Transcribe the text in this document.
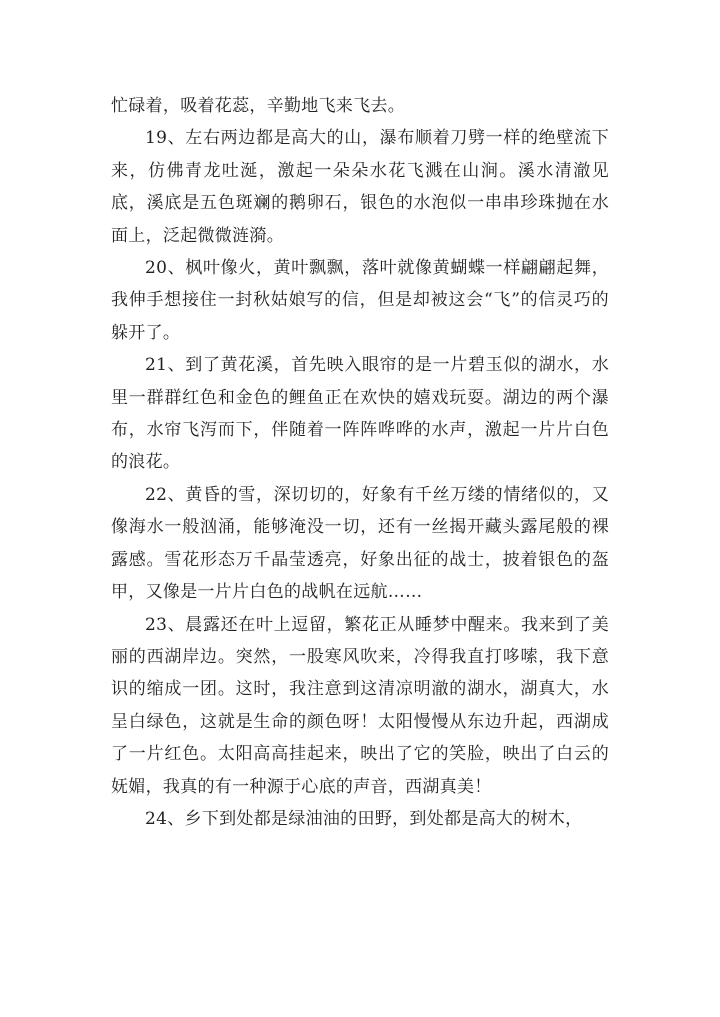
忙碌着，吸着花蕊，辛勤地飞来飞去。

19、左右两边都是高大的山，瀑布顺着刀劈一样的绝壁流下来，仿佛青龙吐涎，激起一朵朵水花飞溅在山涧。溪水清澈见底，溪底是五色斑斓的鹅卵石，银色的水泡似一串串珍珠抛在水面上，泛起微微涟漪。

20、枫叶像火，黄叶飘飘，落叶就像黄蝴蝶一样翩翩起舞，我伸手想接住一封秋姑娘写的信，但是却被这会“飞”的信灵巧的躲开了。

21、到了黄花溪，首先映入眼帘的是一片碧玉似的湖水，水里一群群红色和金色的鲤鱼正在欢快的嬉戏玩耍。湖边的两个瀑布，水帘飞泻而下，伴随着一阵阵哗哗的水声，激起一片片白色的浪花。

22、黄昏的雪，深切切的，好象有千丝万缕的情绪似的，又像海水一般汹涌，能够淹没一切，还有一丝揭开藏头露尾般的裸露感。雪花形态万千晶莹透亮，好象出征的战士，披着银色的盔甲，又像是一片片白色的战帆在远航……

23、晨露还在叶上逗留，繁花正从睡梦中醒来。我来到了美丽的西湖岸边。突然，一股寒风吹来，冷得我直打哆嗦，我下意识的缩成一团。这时，我注意到这清凉明澈的湖水，湖真大，水呈白绿色，这就是生命的颜色呀！太阳慢慢从东边升起，西湖成了一片红色。太阳高高挂起来，映出了它的笑脸，映出了白云的妩媚，我真的有一种源于心底的声音，西湖真美！

24、乡下到处都是绿油油的田野，到处都是高大的树木，
